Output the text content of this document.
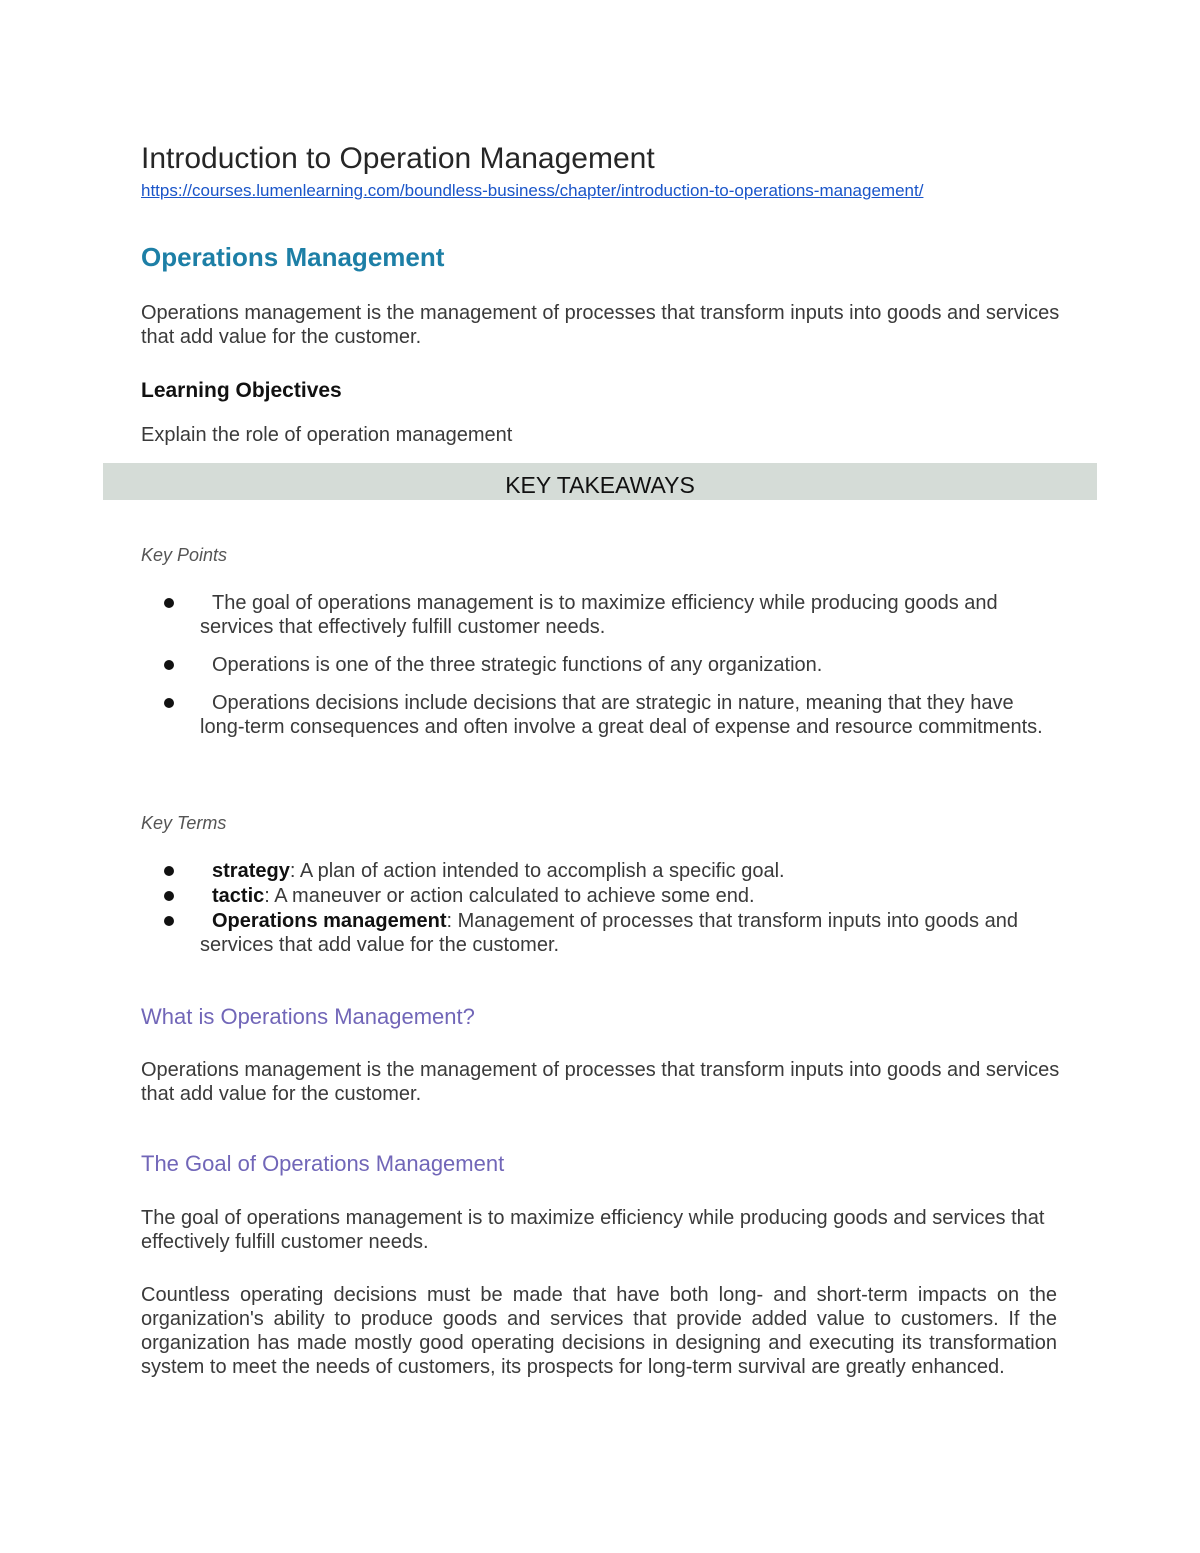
Introduction to Operation Management
https://courses.lumenlearning.com/boundless-business/chapter/introduction-to-operations-management/
Operations Management
Operations management is the management of processes that transform inputs into goods and services that add value for the customer.
Learning Objectives
Explain the role of operation management
KEY TAKEAWAYS
Key Points
The goal of operations management is to maximize efficiency while producing goods and services that effectively fulfill customer needs.
Operations is one of the three strategic functions of any organization.
Operations decisions include decisions that are strategic in nature, meaning that they have long-term consequences and often involve a great deal of expense and resource commitments.
Key Terms
strategy: A plan of action intended to accomplish a specific goal.
tactic: A maneuver or action calculated to achieve some end.
Operations management: Management of processes that transform inputs into goods and services that add value for the customer.
What is Operations Management?
Operations management is the management of processes that transform inputs into goods and services that add value for the customer.
The Goal of Operations Management
The goal of operations management is to maximize efficiency while producing goods and services that effectively fulfill customer needs.
Countless operating decisions must be made that have both long- and short-term impacts on the organization's ability to produce goods and services that provide added value to customers. If the organization has made mostly good operating decisions in designing and executing its transformation system to meet the needs of customers, its prospects for long-term survival are greatly enhanced.
